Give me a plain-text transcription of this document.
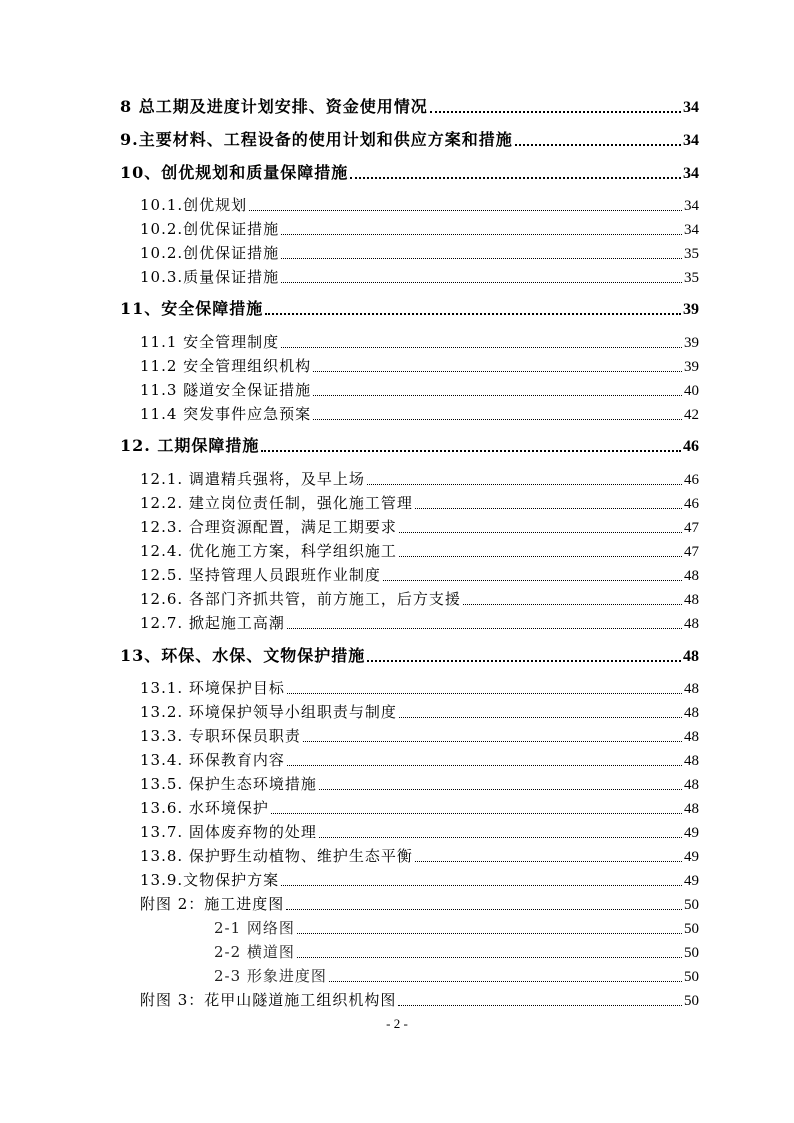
8 总工期及进度计划安排、资金使用情况	34
9.主要材料、工程设备的使用计划和供应方案和措施	34
10、创优规划和质量保障措施	34
10.1.创优规划	34
10.2.创优保证措施	34
10.2.创优保证措施	35
10.3.质量保证措施	35
11、安全保障措施	39
11.1 安全管理制度	39
11.2 安全管理组织机构	39
11.3 隧道安全保证措施	40
11.4 突发事件应急预案	42
12. 工期保障措施	46
12.1. 调遣精兵强将，及早上场	46
12.2. 建立岗位责任制，强化施工管理	46
12.3. 合理资源配置，满足工期要求	47
12.4. 优化施工方案，科学组织施工	47
12.5. 坚持管理人员跟班作业制度	48
12.6. 各部门齐抓共管，前方施工，后方支援	48
12.7. 掀起施工高潮	48
13、环保、水保、文物保护措施	48
13.1. 环境保护目标	48
13.2. 环境保护领导小组职责与制度	48
13.3. 专职环保员职责	48
13.4. 环保教育内容	48
13.5. 保护生态环境措施	48
13.6. 水环境保护	48
13.7. 固体废弃物的处理	49
13.8. 保护野生动植物、维护生态平衡	49
13.9.文物保护方案	49
附图 2：施工进度图	50
2-1 网络图	50
2-2 横道图	50
2-3 形象进度图	50
附图 3：花甲山隧道施工组织机构图	50
- 2 -
